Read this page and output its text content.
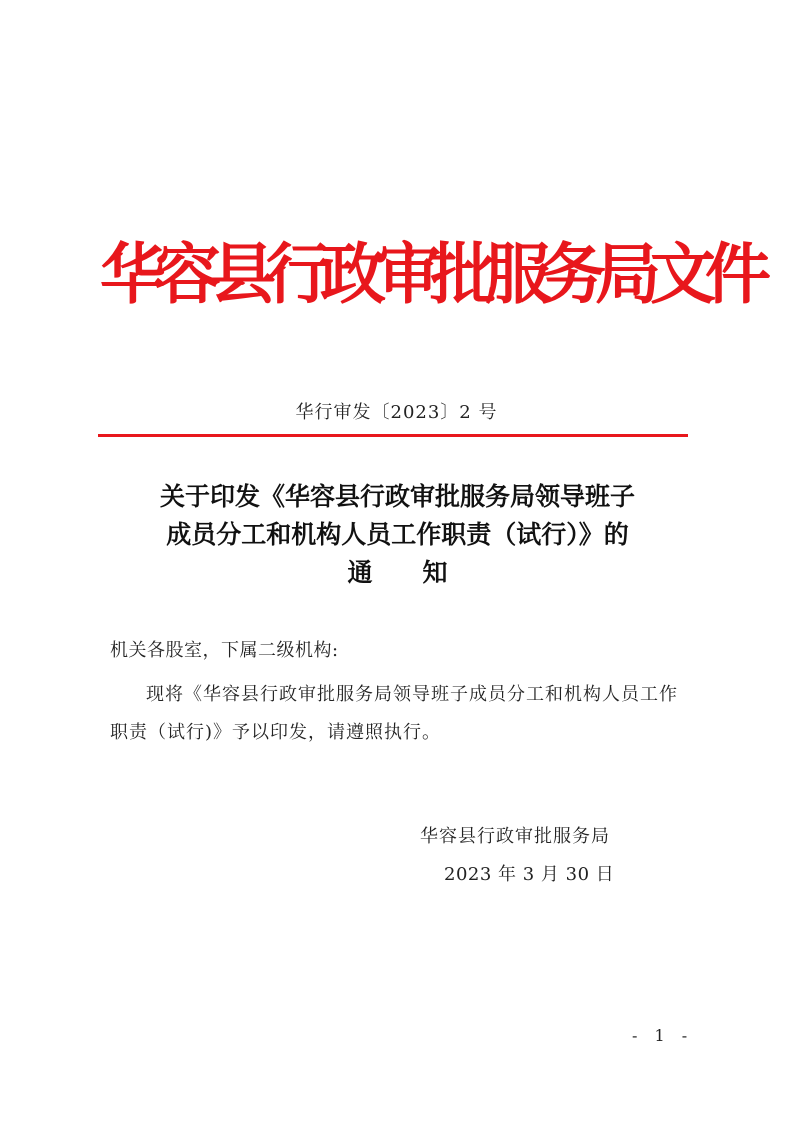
华容县行政审批服务局文件
华行审发〔2023〕2 号
关于印发《华容县行政审批服务局领导班子
成员分工和机构人员工作职责（试行）》的
通　　知
机关各股室，下属二级机构:
现将《华容县行政审批服务局领导班子成员分工和机构人员工作职责（试行)》予以印发，请遵照执行。
华容县行政审批服务局
2023 年 3 月 30 日
- 1 -
